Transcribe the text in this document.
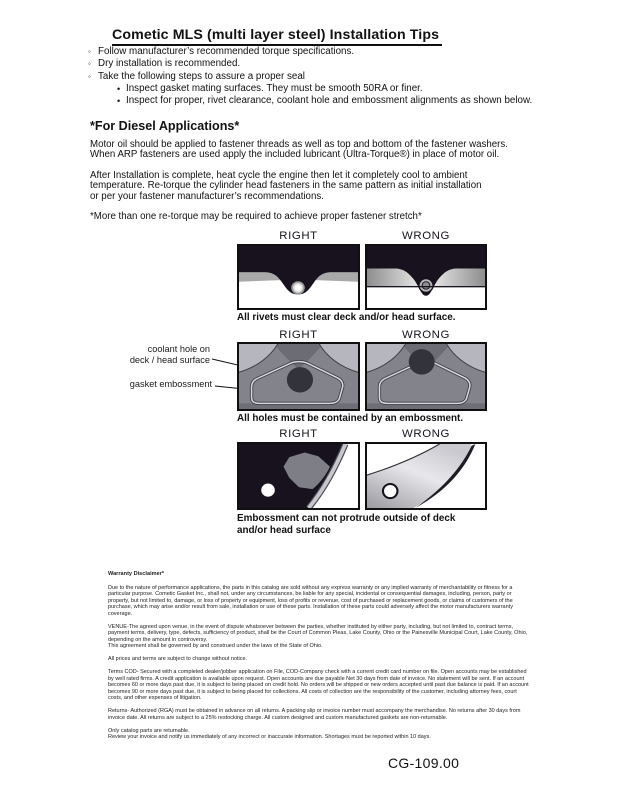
Cometic MLS (multi layer steel) Installation Tips
◦ Follow manufacturer’s recommended torque specifications.
◦ Dry installation is recommended.
◦ Take the following steps to assure a proper seal
• Inspect gasket mating surfaces. They must be smooth 50RA or finer.
• Inspect for proper, rivet clearance, coolant hole and embossment alignments as shown below.
*For Diesel Applications*

Motor oil should be applied to fastener threads as well as top and bottom of the fastener washers.
When ARP fasteners are used apply the included lubricant (Ultra-Torque®) in place of motor oil.

After Installation is complete, heat cycle the engine then let it completely cool to ambient
temperature. Re-torque the cylinder head fasteners in the same pattern as initial installation
or per your fastener manufacturer’s recommendations.

*More than one re-torque may be required to achieve proper fastener stretch*

RIGHT	WRONG
All rivets must clear deck and/or head surface.
RIGHT	WRONG
coolant hole on
deck / head surface
gasket embossment
All holes must be contained by an embossment.
RIGHT	WRONG
Embossment can not protrude outside of deck and/or head surface
Warranty Disclaimer*
Due to the nature of performance applications, the parts in this catalog are sold without any express warranty or any implied warranty of merchantability or fitness for a particular purpose. Cometic Gasket Inc., shall not, under any circumstances, be liable for any special, incidental or consequential damages, including, person, party or property, but not limited to, damage, or loss of property or equipment, loss of profits or revenue, cost of purchased or replacement goods, or claims of customers of the purchase, which may arise and/or result from sale, installation or use of these parts. Installation of these parts could adversely affect the motor manufacturers warranty coverage.
VENUE-The agreed upon venue, in the event of dispute whatsoever between the parties, whether instituted by either party, including, but not limited to, contract terms, payment terms, delivery, type, defects, sufficiency of product, shall be the Court of Common Pleas, Lake County, Ohio or the Painesville Municipal Court, Lake County, Ohio, depending on the amount in controversy.
This agreement shall be governed by and construed under the laws of the State of Ohio.
All prices and terms are subject to change without notice.
Terms COD- Secured with a completed dealer/jobber application on File, COD-Company check with a current credit card number on file. Open accounts may be established by well rated firms. A credit application is available upon request. Open accounts are due payable Net 30 days from date of invoice. No statement will be sent. If an account becomes 60 or more days past due, it is subject to being placed on credit hold. No orders will be shipped or new orders accepted until past due balance is paid. If an account becomes 90 or more days past due, it is subject to being placed for collections. All costs of collection are the responsibility of the customer, including attorney fees, court costs, and other expenses of litigation.
Returns- Authorized (RGA) must be obtained in advance on all returns. A packing slip or invoice number must accompany the merchandise. No returns after 30 days from invoice date. All returns are subject to a 25% restocking charge. All custom designed and custom manufactured gaskets are non-returnable.
Only catalog parts are returnable.
Review your invoice and notify us immediately of any incorrect or inaccurate information. Shortages must be reported within 10 days.
CG-109.00
